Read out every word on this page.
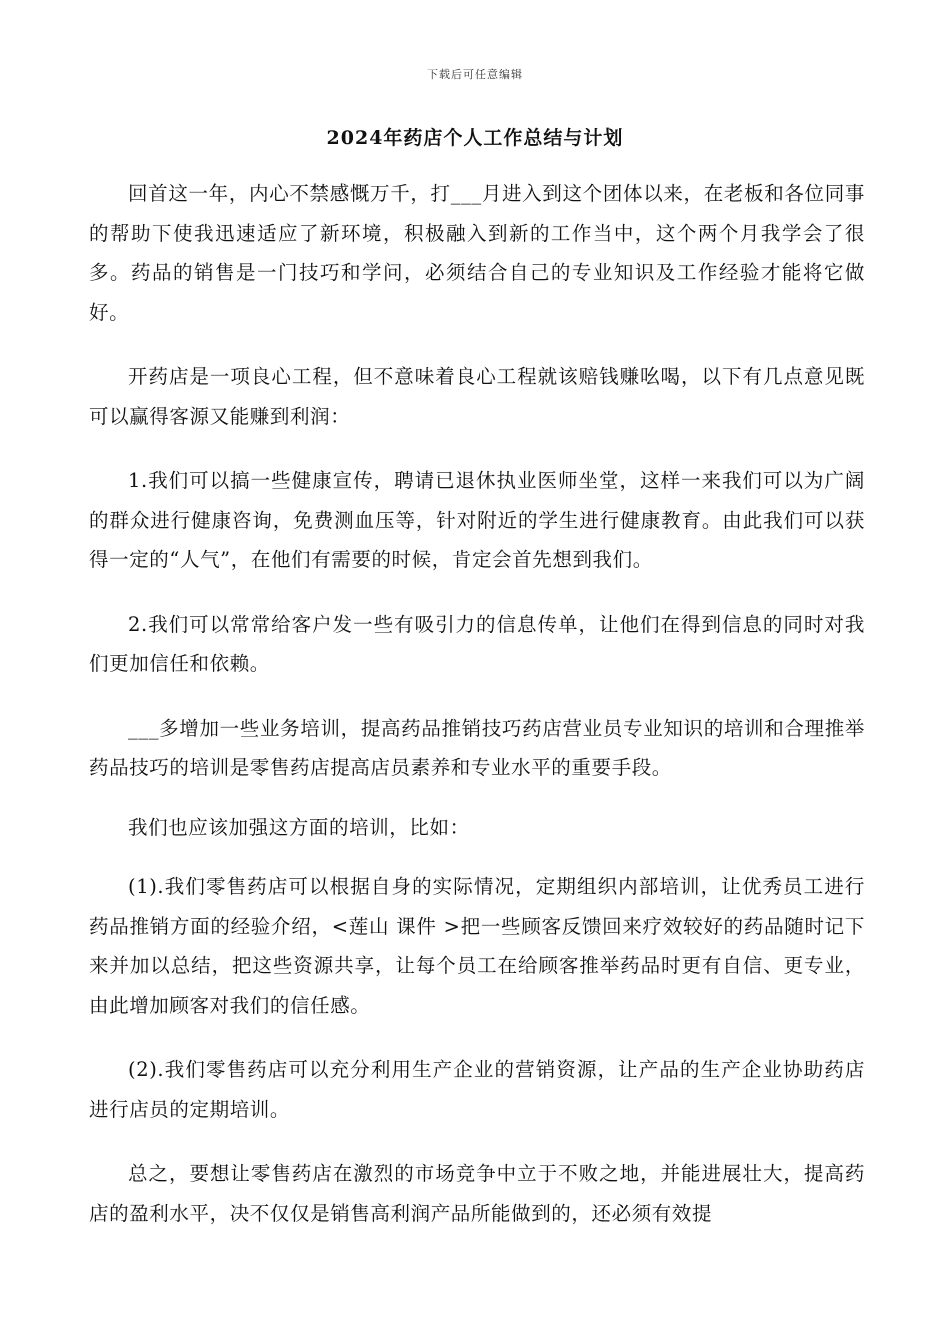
下载后可任意编辑
2024年药店个人工作总结与计划

回首这一年，内心不禁感慨万千，打___月进入到这个团体以来，在老板和各位同事的帮助下使我迅速适应了新环境，积极融入到新的工作当中，这个两个月我学会了很多。药品的销售是一门技巧和学问，必须结合自己的专业知识及工作经验才能将它做好。

开药店是一项良心工程，但不意味着良心工程就该赔钱赚吆喝，以下有几点意见既可以赢得客源又能赚到利润：

1.我们可以搞一些健康宣传，聘请已退休执业医师坐堂，这样一来我们可以为广阔的群众进行健康咨询，免费测血压等，针对附近的学生进行健康教育。由此我们可以获得一定的“人气”，在他们有需要的时候，肯定会首先想到我们。

2.我们可以常常给客户发一些有吸引力的信息传单，让他们在得到信息的同时对我们更加信任和依赖。

___多增加一些业务培训，提高药品推销技巧药店营业员专业知识的培训和合理推举药品技巧的培训是零售药店提高店员素养和专业水平的重要手段。

我们也应该加强这方面的培训，比如：

(1).我们零售药店可以根据自身的实际情况，定期组织内部培训，让优秀员工进行药品推销方面的经验介绍，<莲山 课件 >把一些顾客反馈回来疗效较好的药品随时记下来并加以总结，把这些资源共享，让每个员工在给顾客推举药品时更有自信、更专业，由此增加顾客对我们的信任感。

(2).我们零售药店可以充分利用生产企业的营销资源，让产品的生产企业协助药店进行店员的定期培训。

总之，要想让零售药店在激烈的市场竞争中立于不败之地，并能进展壮大，提高药店的盈利水平，决不仅仅是销售高利润产品所能做到的，还必须有效提
